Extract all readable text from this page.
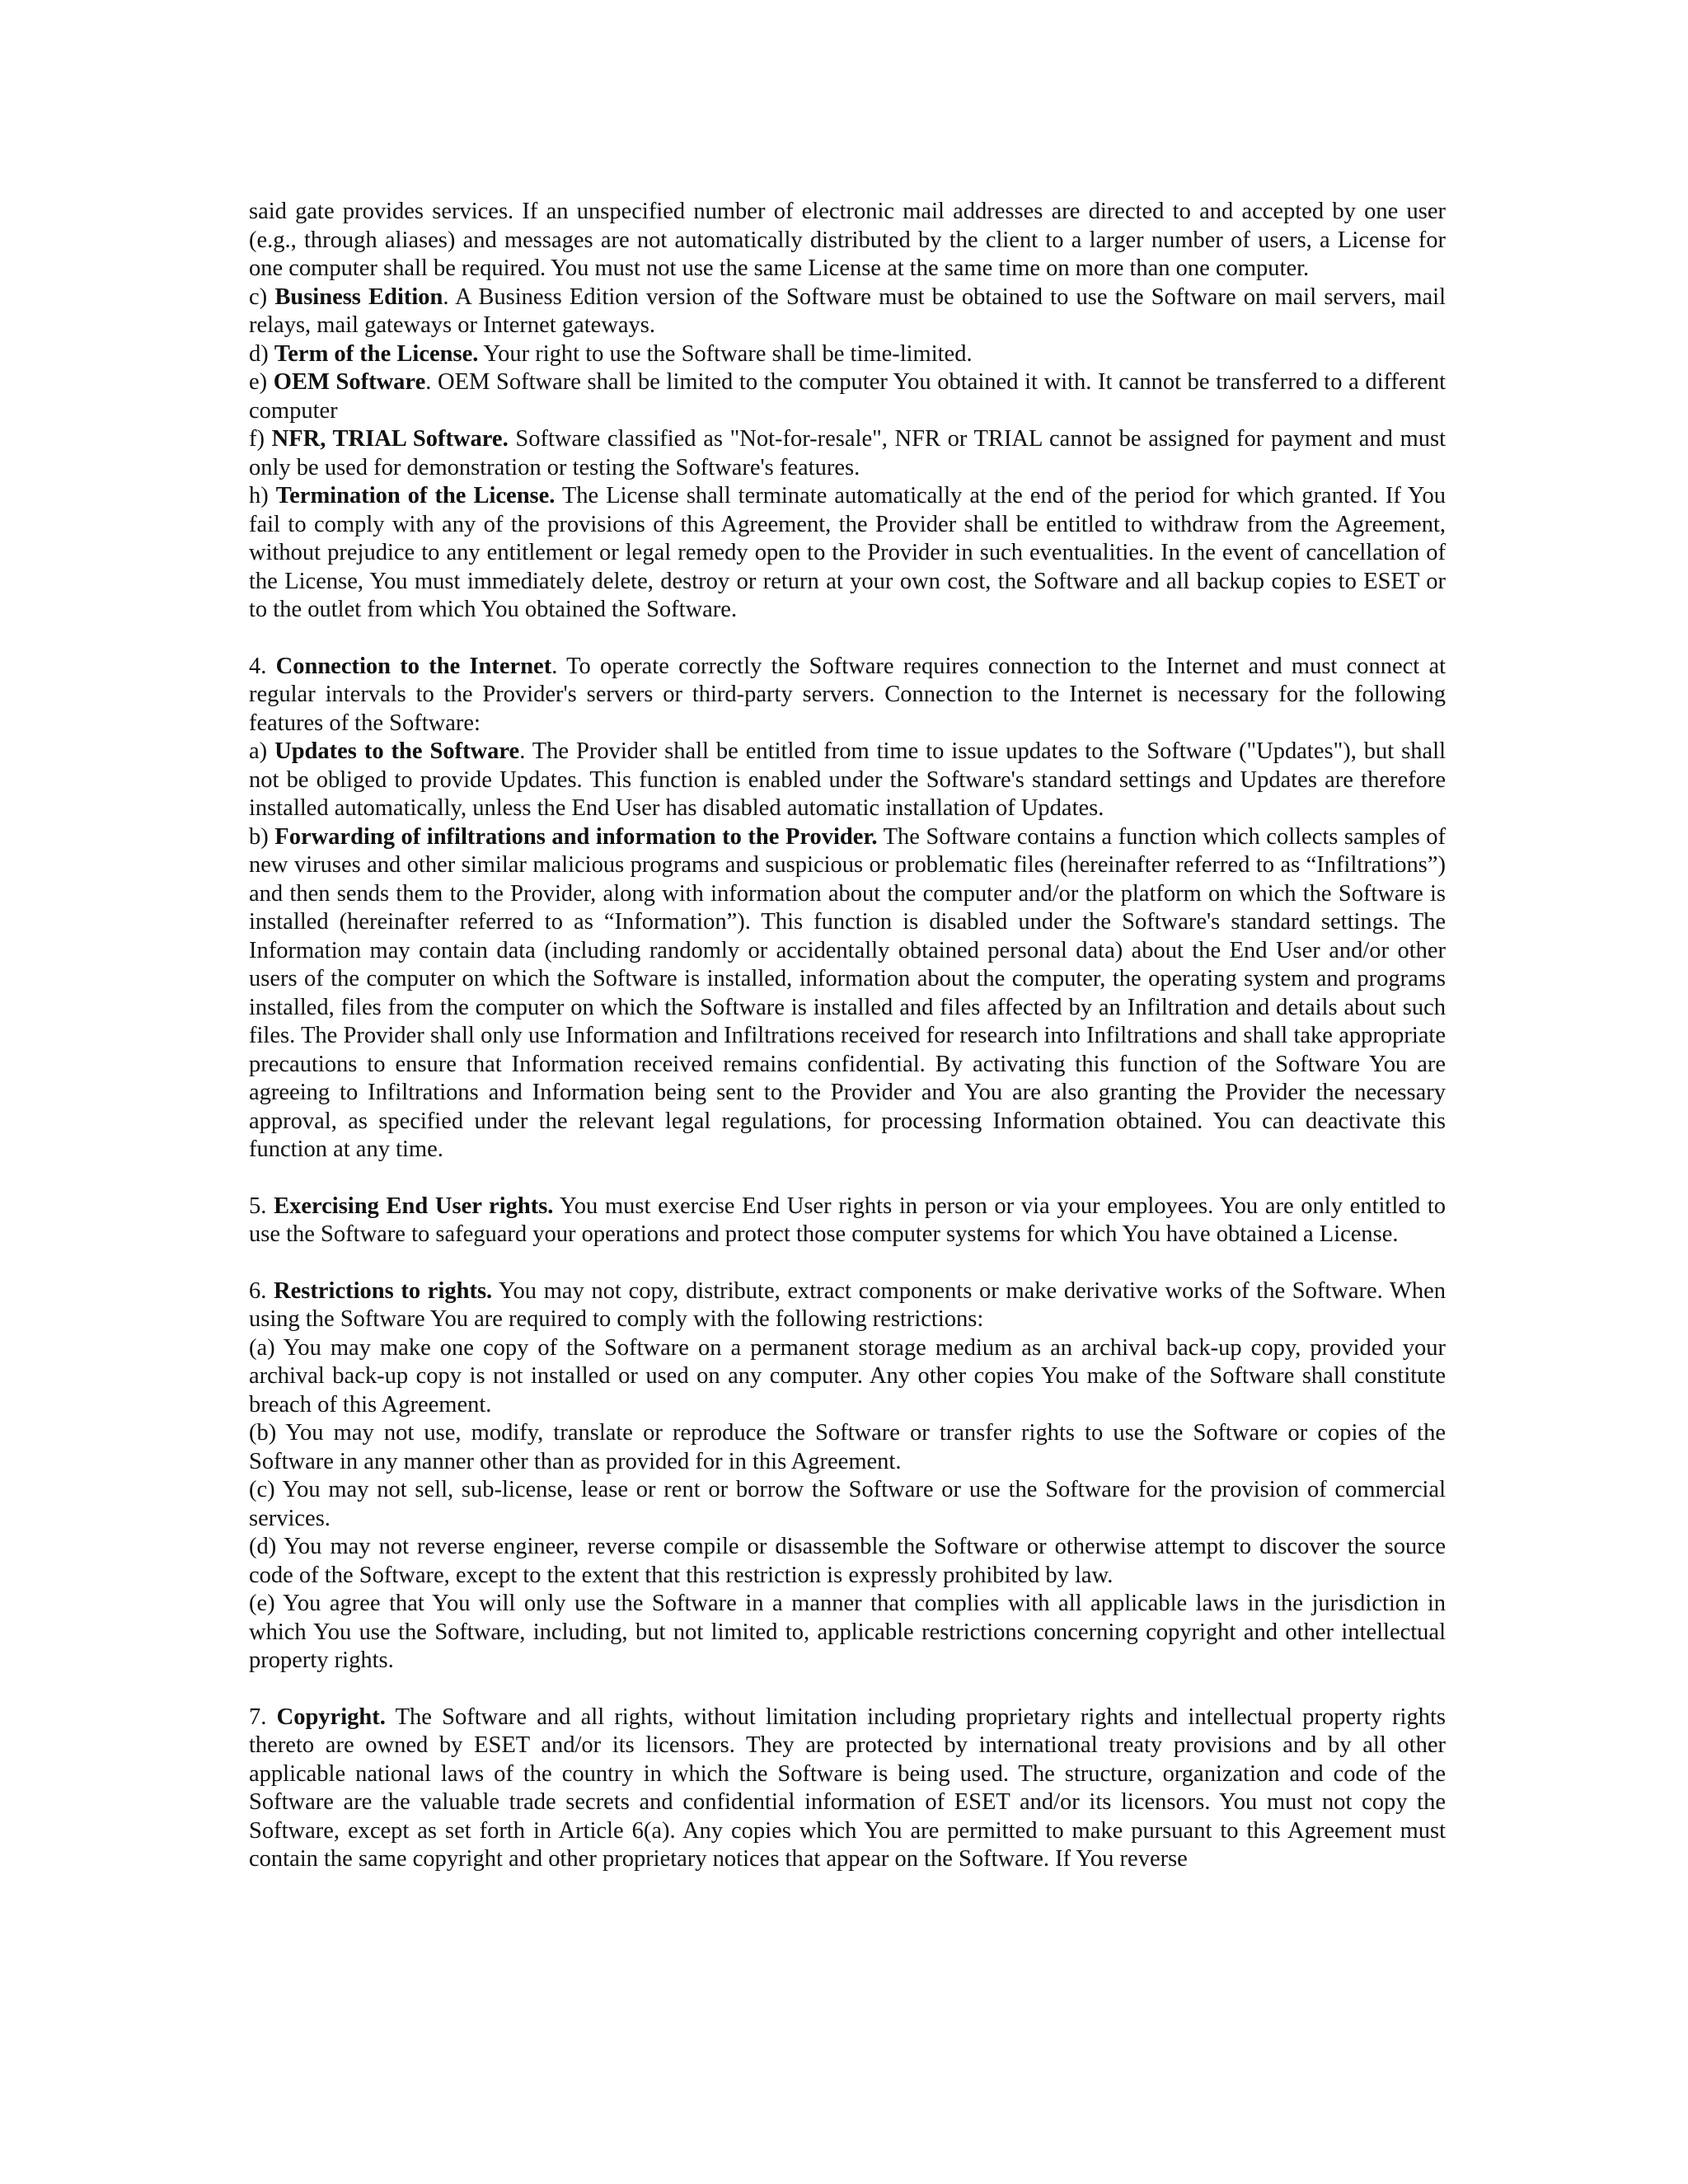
said gate provides services. If an unspecified number of electronic mail addresses are directed to and accepted by one user (e.g., through aliases) and messages are not automatically distributed by the client to a larger number of users, a License for one computer shall be required. You must not use the same License at the same time on more than one computer.

c) Business Edition. A Business Edition version of the Software must be obtained to use the Software on mail servers, mail relays, mail gateways or Internet gateways.

d) Term of the License. Your right to use the Software shall be time-limited.

e) OEM Software. OEM Software shall be limited to the computer You obtained it with. It cannot be transferred to a different computer

f) NFR, TRIAL Software. Software classified as "Not-for-resale", NFR or TRIAL cannot be assigned for payment and must only be used for demonstration or testing the Software's features.

h) Termination of the License. The License shall terminate automatically at the end of the period for which granted. If You fail to comply with any of the provisions of this Agreement, the Provider shall be entitled to withdraw from the Agreement, without prejudice to any entitlement or legal remedy open to the Provider in such eventualities. In the event of cancellation of the License, You must immediately delete, destroy or return at your own cost, the Software and all backup copies to ESET or to the outlet from which You obtained the Software.

4. Connection to the Internet. To operate correctly the Software requires connection to the Internet and must connect at regular intervals to the Provider's servers or third-party servers. Connection to the Internet is necessary for the following features of the Software:

a) Updates to the Software. The Provider shall be entitled from time to issue updates to the Software ("Updates"), but shall not be obliged to provide Updates. This function is enabled under the Software's standard settings and Updates are therefore installed automatically, unless the End User has disabled automatic installation of Updates.

b) Forwarding of infiltrations and information to the Provider. The Software contains a function which collects samples of new viruses and other similar malicious programs and suspicious or problematic files (hereinafter referred to as “Infiltrations”) and then sends them to the Provider, along with information about the computer and/or the platform on which the Software is installed (hereinafter referred to as “Information”). This function is disabled under the Software's standard settings. The Information may contain data (including randomly or accidentally obtained personal data) about the End User and/or other users of the computer on which the Software is installed, information about the computer, the operating system and programs installed, files from the computer on which the Software is installed and files affected by an Infiltration and details about such files. The Provider shall only use Information and Infiltrations received for research into Infiltrations and shall take appropriate precautions to ensure that Information received remains confidential. By activating this function of the Software You are agreeing to Infiltrations and Information being sent to the Provider and You are also granting the Provider the necessary approval, as specified under the relevant legal regulations, for processing Information obtained. You can deactivate this function at any time.

5. Exercising End User rights. You must exercise End User rights in person or via your employees. You are only entitled to use the Software to safeguard your operations and protect those computer systems for which You have obtained a License.

6. Restrictions to rights. You may not copy, distribute, extract components or make derivative works of the Software. When using the Software You are required to comply with the following restrictions:

(a) You may make one copy of the Software on a permanent storage medium as an archival back-up copy, provided your archival back-up copy is not installed or used on any computer. Any other copies You make of the Software shall constitute breach of this Agreement.

(b) You may not use, modify, translate or reproduce the Software or transfer rights to use the Software or copies of the Software in any manner other than as provided for in this Agreement.

(c) You may not sell, sub-license, lease or rent or borrow the Software or use the Software for the provision of commercial services.

(d) You may not reverse engineer, reverse compile or disassemble the Software or otherwise attempt to discover the source code of the Software, except to the extent that this restriction is expressly prohibited by law.

(e) You agree that You will only use the Software in a manner that complies with all applicable laws in the jurisdiction in which You use the Software, including, but not limited to, applicable restrictions concerning copyright and other intellectual property rights.

7. Copyright. The Software and all rights, without limitation including proprietary rights and intellectual property rights thereto are owned by ESET and/or its licensors. They are protected by international treaty provisions and by all other applicable national laws of the country in which the Software is being used. The structure, organization and code of the Software are the valuable trade secrets and confidential information of ESET and/or its licensors. You must not copy the Software, except as set forth in Article 6(a). Any copies which You are permitted to make pursuant to this Agreement must contain the same copyright and other proprietary notices that appear on the Software. If You reverse
